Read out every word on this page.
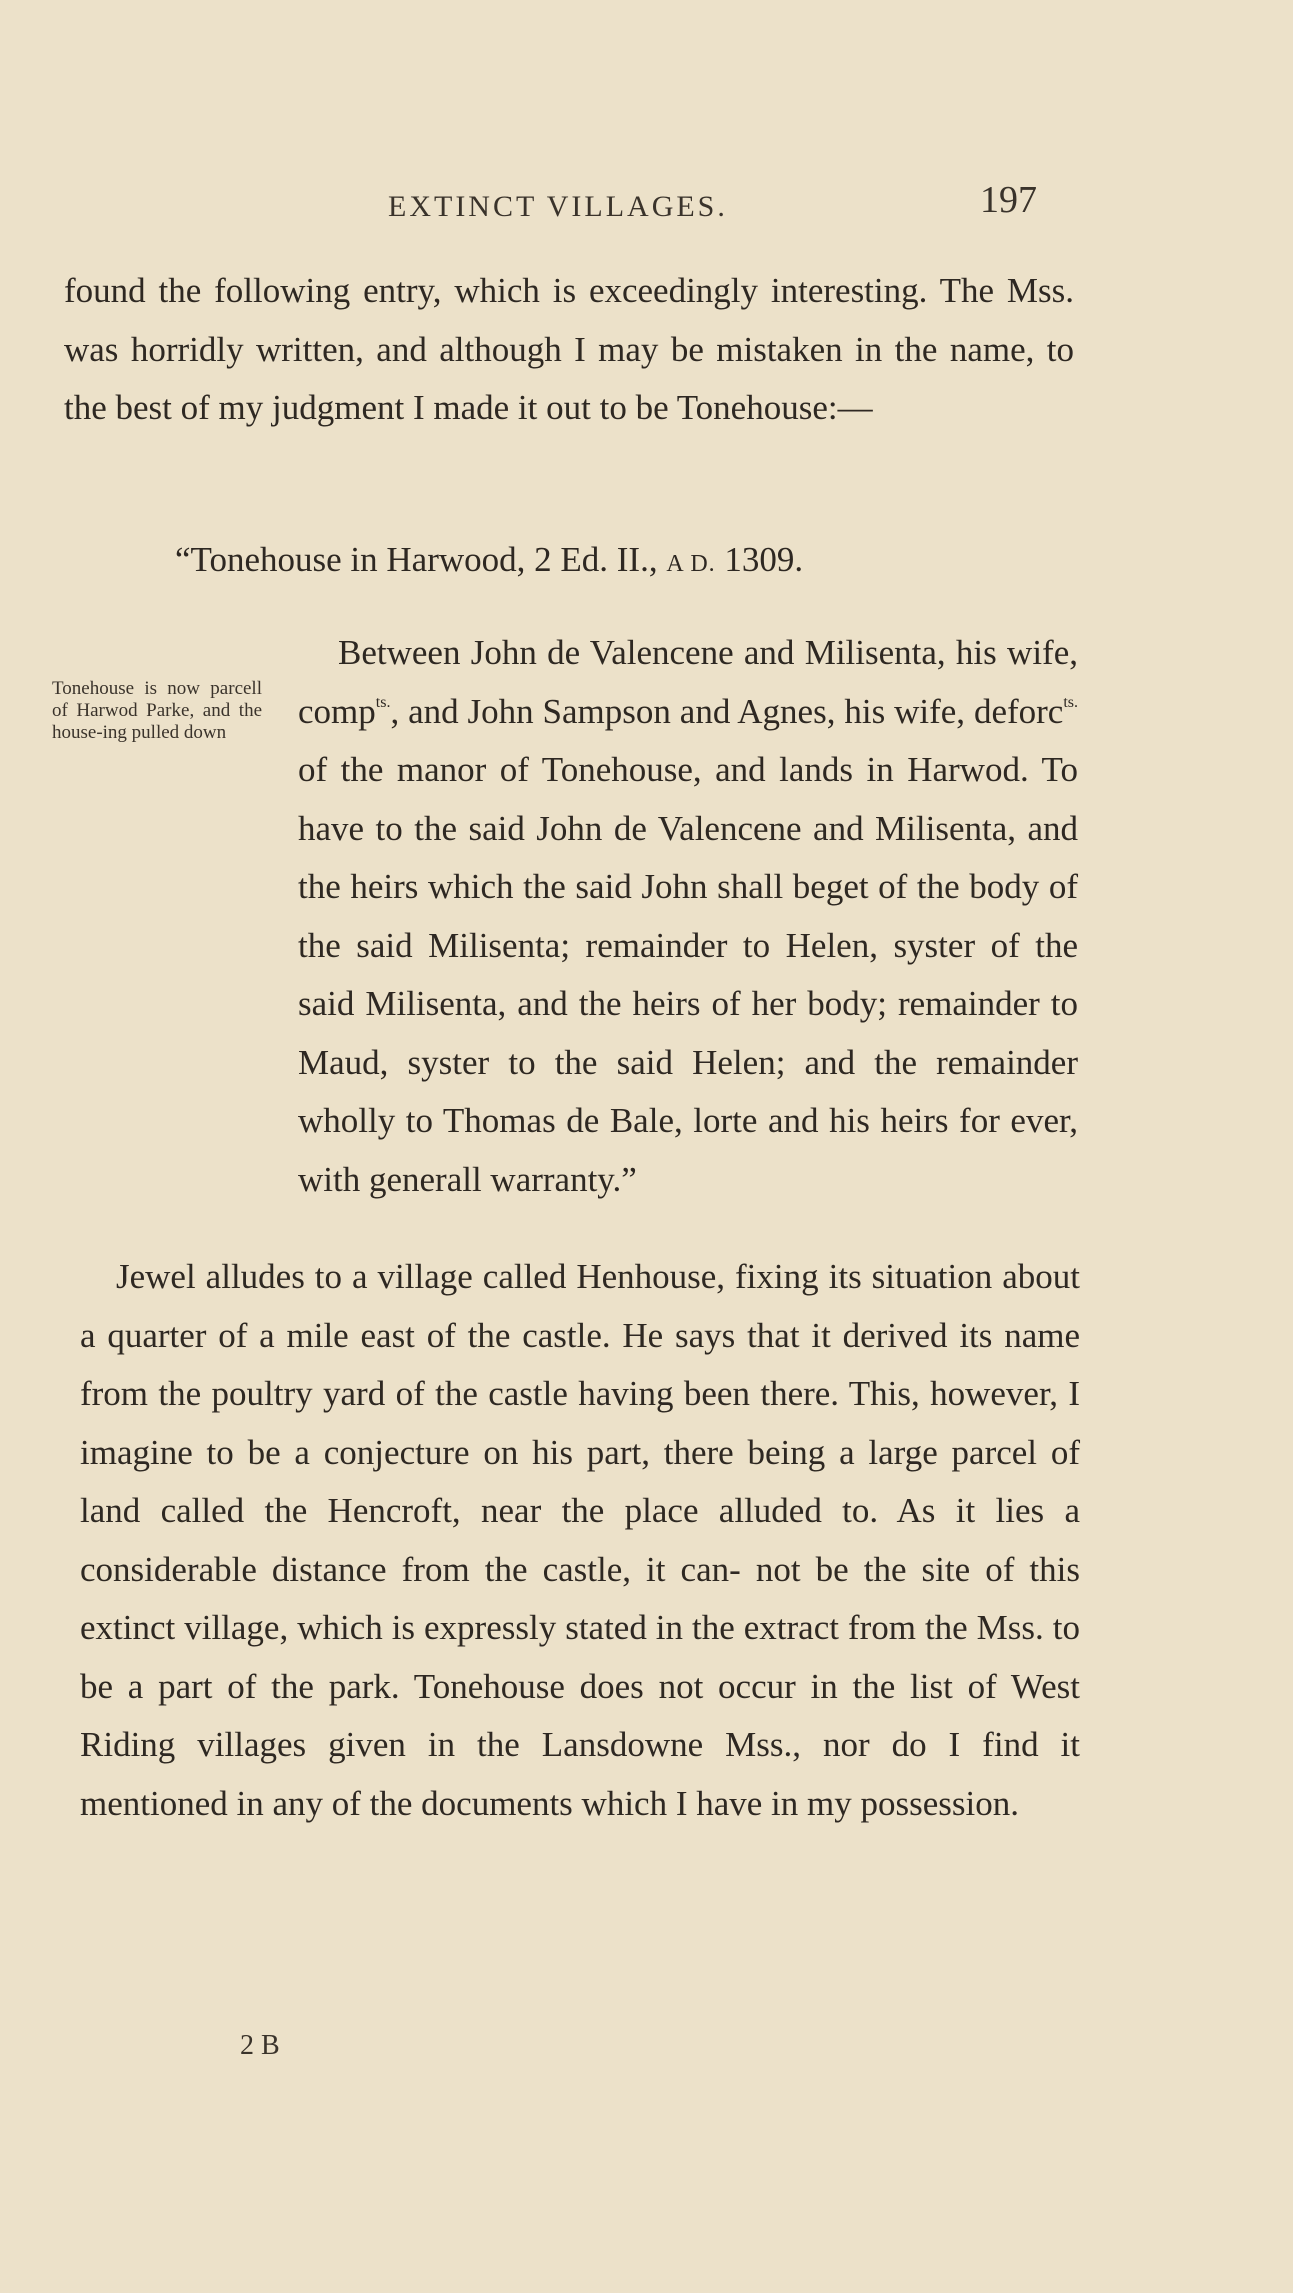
EXTINCT VILLAGES.	197

found the following entry, which is exceedingly interesting. The Mss. was horridly written, and although I may be mistaken in the name, to the best of my judgment I made it out to be Tonehouse:—

“Tonehouse in Harwood, 2 Ed. II., A D. 1309.
Tonehouse is now parcell of Harwod Parke, and the house-ing pulled down

Between John de Valencene and Milisenta, his wife, comp$^{ts.}$, and John Sampson and Agnes, his wife, deforc$^{ts.}$ of the manor of Tonehouse, and lands in Harwod. To have to the said John de Valencene and Milisenta, and the heirs which the said John shall beget of the body of the said Milisenta; remainder to Helen, syster of the said Milisenta, and the heirs of her body; remainder to Maud, syster to the said Helen; and the remainder wholly to Thomas de Bale, lorte and his heirs for ever, with generall warranty.”

Jewel alludes to a village called Henhouse, fixing its situation about a quarter of a mile east of the castle. He says that it derived its name from the poultry yard of the castle having been there. This, however, I imagine to be a conjecture on his part, there being a large parcel of land called the Hencroft, near the place alluded to. As it lies a considerable distance from the castle, it can- not be the site of this extinct village, which is expressly stated in the extract from the Mss. to be a part of the park. Tonehouse does not occur in the list of West Riding villages given in the Lansdowne Mss., nor do I find it mentioned in any of the documents which I have in my possession.

2 B
